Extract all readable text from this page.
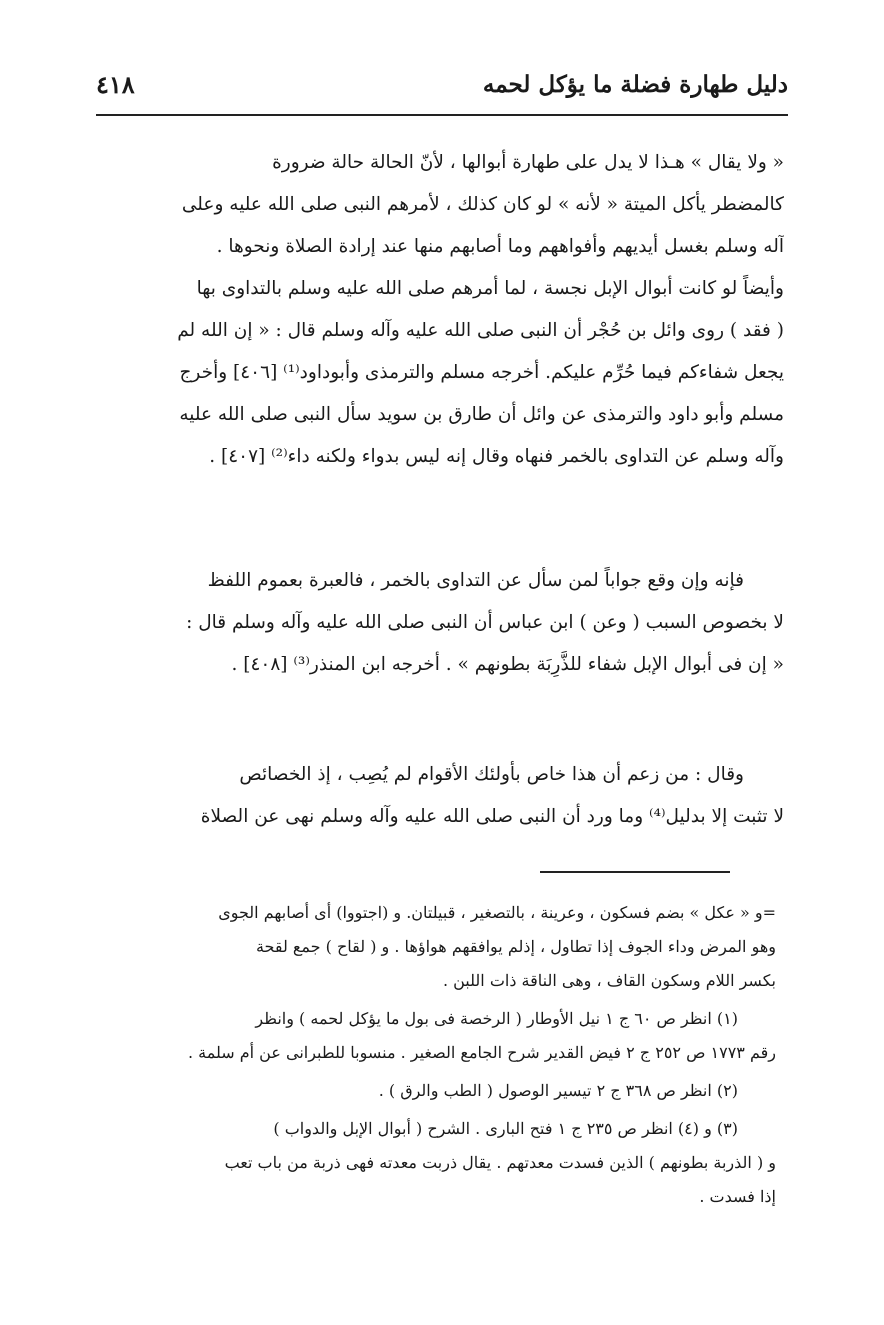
دليل طهارة فضلة ما يؤكل لحمه
٤١٨
« ولا يقال » هـذا لا يدل على طهارة أبوالها ، لأنّ الحالة حالة ضرورة
كالمضطر يأكل الميتة « لأنه » لو كان كذلك ، لأمرهم النبى صلى الله عليه وعلى
آله وسلم بغسل أيديهم وأفواههم وما أصابهم منها عند إرادة الصلاة ونحوها .
وأيضاً لو كانت أبوال الإبل نجسة ، لما أمرهم صلى الله عليه وسلم بالتداوى بها
( فقد ) روى وائل بن حُجْر أن النبى صلى الله عليه وآله وسلم قال : « إن الله لم
يجعل شفاءكم فيما حُرِّم عليكم. أخرجه مسلم والترمذى وأبوداود⁽¹⁾ [٤٠٦] وأخرج
مسلم وأبو داود والترمذى عن وائل أن طارق بن سويد سأل النبى صلى الله عليه
وآله وسلم عن التداوى بالخمر فنهاه وقال إنه ليس بدواء ولكنه داء⁽²⁾ [٤٠٧] .
فإنه وإن وقع جواباً لمن سأل عن التداوى بالخمر ، فالعبرة بعموم اللفظ
لا بخصوص السبب ( وعن ) ابن عباس أن النبى صلى الله عليه وآله وسلم قال :
« إن فى أبوال الإبل شفاء للذَّرِبَة بطونهم » . أخرجه ابن المنذر⁽³⁾ [٤٠٨] .
وقال : من زعم أن هذا خاص بأولئك الأقوام لم يُصِب ، إذ الخصائص
لا تثبت إلا بدليل⁽⁴⁾ وما ورد أن النبى صلى الله عليه وآله وسلم نهى عن الصلاة
=و « عكل » بضم فسكون ، وعرينة ، بالتصغير ، قبيلتان. و (اجتووا) أى أصابهم الجوى
وهو المرض وداء الجوف إذا تطاول ، إذلم يوافقهم هواؤها . و ( لقاح ) جمع لقحة
بكسر اللام وسكون القاف ، وهى الناقة ذات اللبن .
(١) انظر ص ٦٠ ج ١ نيل الأوطار ( الرخصة فى بول ما يؤكل لحمه ) وانظر
رقم ١٧٧٣ ص ٢٥٢ ج ٢ فيض القدير شرح الجامع الصغير . منسوبا للطبرانى عن أم سلمة .
(٢) انظر ص ٣٦٨ ج ٢ تيسير الوصول ( الطب والرق ) .
(٣) و (٤) انظر ص ٢٣٥ ج ١ فتح البارى . الشرح ( أبوال الإبل والدواب )
و ( الذربة بطونهم ) الذين فسدت معدتهم . يقال ذربت معدته فهى ذربة من باب تعب
إذا فسدت .
